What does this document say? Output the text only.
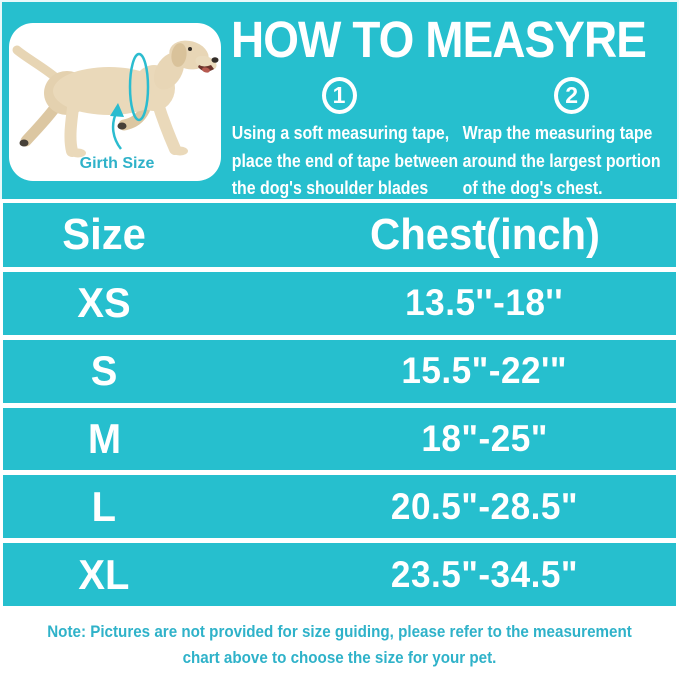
Girth Size
HOW TO MEASYRE
1
Using a soft measuring tape,
place the end of tape between
the dog's shoulder blades
2
Wrap the measuring tape
around the largest portion
of the dog's chest.
Size	Chest(inch)
XS	13.5''-18''
S	15.5"-22'"
M	18"-25"
L	20.5"-28.5"
XL	23.5"-34.5"
Note: Pictures are not provided for size guiding, please refer to the measurement
chart above to choose the size for your pet.
